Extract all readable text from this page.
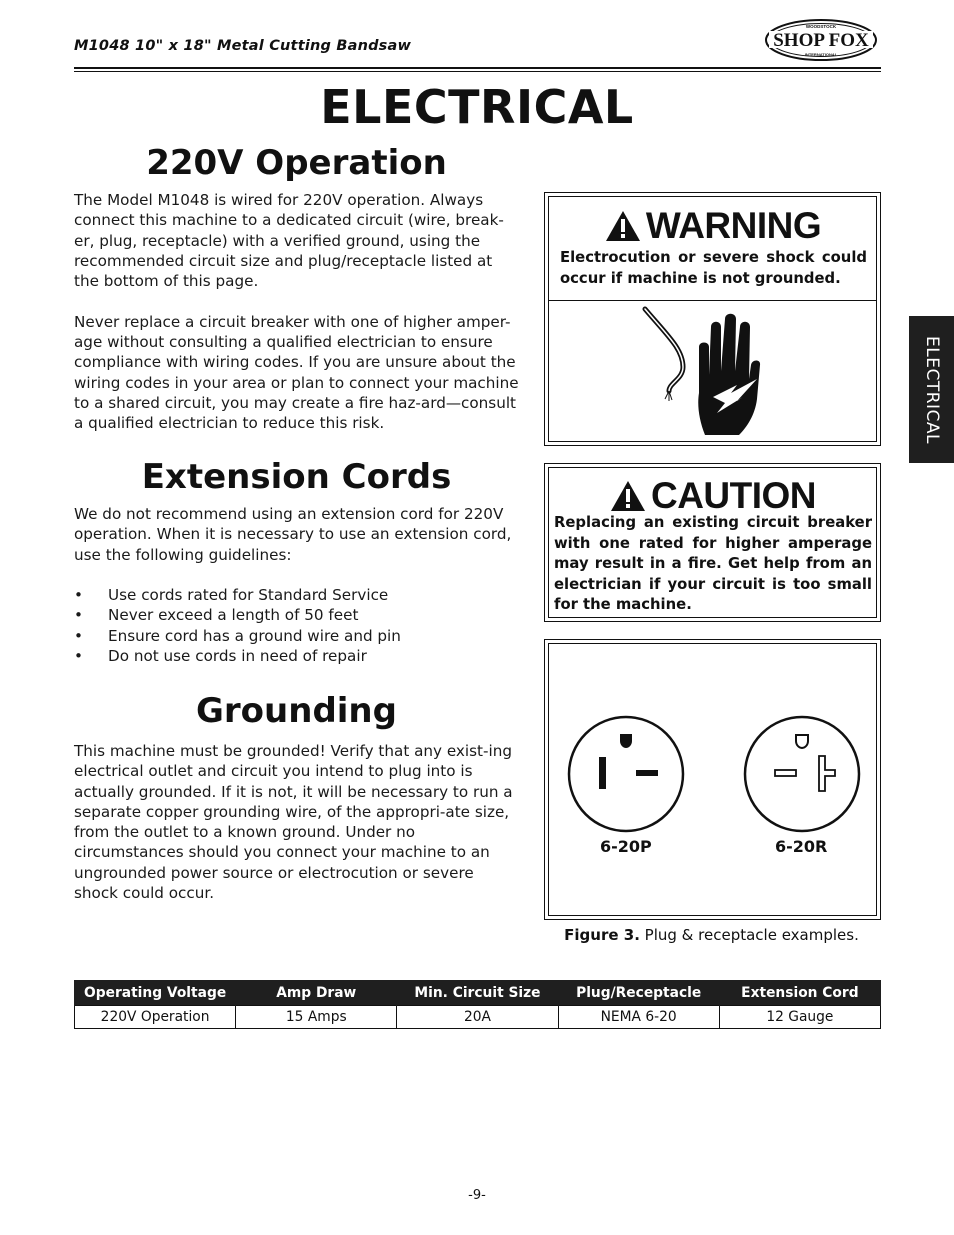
M1048 10" x 18" Metal Cutting Bandsaw	SHOP FOX
WOODSTOCK
INTERNATIONAL
ELECTRICAL
220V Operation

The Model M1048 is wired for 220V operation. Always connect this machine to a dedicated circuit (wire, break-er, plug, receptacle) with a verified ground, using the recommended circuit size and plug/receptacle listed at the bottom of this page.

Never replace a circuit breaker with one of higher amper-age without consulting a qualified electrician to ensure compliance with wiring codes. If you are unsure about the wiring codes in your area or plan to connect your machine to a shared circuit, you may create a fire haz-ard—consult a qualified electrician to reduce this risk.

Extension Cords

We do not recommend using an extension cord for 220V operation. When it is necessary to use an extension cord, use the following guidelines:

• Use cords rated for Standard Service
• Never exceed a length of 50 feet
• Ensure cord has a ground wire and pin
• Do not use cords in need of repair
Grounding
This machine must be grounded! Verify that any exist-ing electrical outlet and circuit you intend to plug into is actually grounded. If it is not, it will be necessary to run a separate copper grounding wire, of the appropri-ate size, from the outlet to a known ground. Under no circumstances should you connect your machine to an ungrounded power source or electrocution or severe shock could occur.
WARNING
Electrocution or severe shock could occur if machine is not grounded.
CAUTION
Replacing an existing circuit breaker with one rated for higher amperage may result in a fire. Get help from an electrician if your circuit is too small for the machine.
6-20P	6-20R
Figure 3. Plug & receptacle examples.
Operating Voltage	Amp Draw	Min. Circuit Size	Plug/Receptacle	Extension Cord
220V Operation	15 Amps	20A	NEMA 6-20	12 Gauge
ELECTRICAL
-9-
